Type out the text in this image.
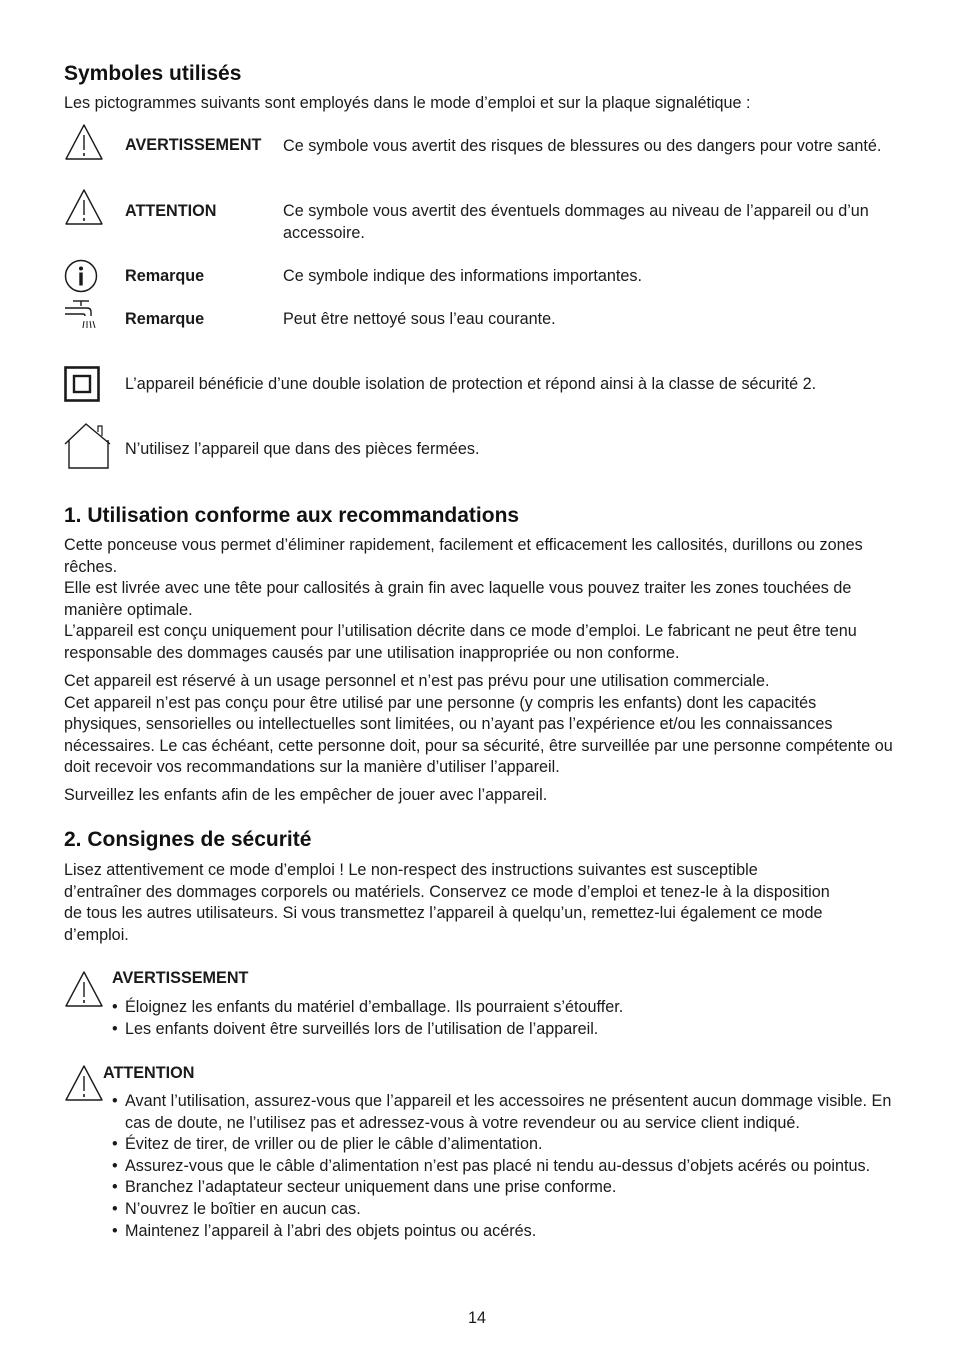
Symboles utilisés

Les pictogrammes suivants sont employés dans le mode d’emploi et sur la plaque signalétique :

AVERTISSEMENT Ce symbole vous avertit des risques de blessures ou des dangers pour votre santé.
ATTENTION	Ce symbole vous avertit des éventuels dommages au niveau de l’appareil ou d’un accessoire.
Remarque	Ce symbole indique des informations importantes.
Remarque	Peut être nettoyé sous l’eau courante.
L’appareil bénéficie d’une double isolation de protection et répond ainsi à la classe de sécurité 2.
N’utilisez l’appareil que dans des pièces fermées.
1. Utilisation conforme aux recommandations

Cette ponceuse vous permet d’éliminer rapidement, facilement et efficacement les callosités, durillons ou zones rêches.

Elle est livrée avec une tête pour callosités à grain fin avec laquelle vous pouvez traiter les zones touchées de manière optimale.

L’appareil est conçu uniquement pour l’utilisation décrite dans ce mode d’emploi. Le fabricant ne peut être tenu responsable des dommages causés par une utilisation inappropriée ou non conforme.

Cet appareil est réservé à un usage personnel et n’est pas prévu pour une utilisation commerciale.

Cet appareil n’est pas conçu pour être utilisé par une personne (y compris les enfants) dont les capacités physiques, sensorielles ou intellectuelles sont limitées, ou n’ayant pas l’expérience et/ou les connaissances nécessaires. Le cas échéant, cette personne doit, pour sa sécurité, être surveillée par une personne compétente ou doit recevoir vos recommandations sur la manière d’utiliser l’appareil.

Surveillez les enfants afin de les empêcher de jouer avec l’appareil.

2. Consignes de sécurité

Lisez attentivement ce mode d’emploi ! Le non-respect des instructions suivantes est susceptible d’entraîner des dommages corporels ou matériels. Conservez ce mode d’emploi et tenez-le à la disposition de tous les autres utilisateurs. Si vous transmettez l’appareil à quelqu’un, remettez-lui également ce mode d’emploi.

AVERTISSEMENT
• Éloignez les enfants du matériel d’emballage. Ils pourraient s’étouffer.
• Les enfants doivent être surveillés lors de l’utilisation de l’appareil.
ATTENTION
• Avant l’utilisation, assurez-vous que l’appareil et les accessoires ne présentent aucun dommage visible. En cas de doute, ne l’utilisez pas et adressez-vous à votre revendeur ou au service client indiqué.
• Évitez de tirer, de vriller ou de plier le câble d’alimentation.
• Assurez-vous que le câble d’alimentation n’est pas placé ni tendu au-dessus d’objets acérés ou pointus.
• Branchez l’adaptateur secteur uniquement dans une prise conforme.
• N’ouvrez le boîtier en aucun cas.
• Maintenez l’appareil à l’abri des objets pointus ou acérés.
14
